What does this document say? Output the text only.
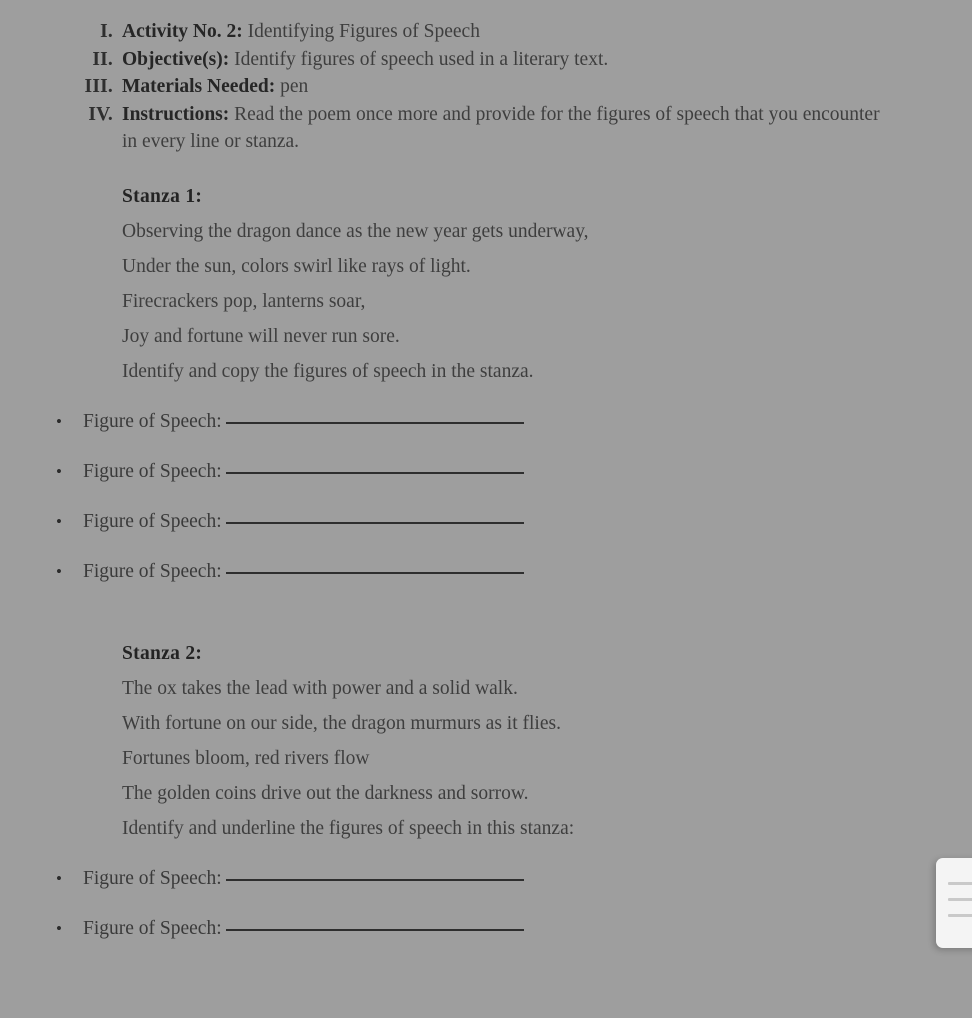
I. Activity No. 2: Identifying Figures of Speech
II. Objective(s): Identify figures of speech used in a literary text.
III. Materials Needed: pen
IV. Instructions: Read the poem once more and provide for the figures of speech that you encounter in every line or stanza.
Stanza 1:
Observing the dragon dance as the new year gets underway,
Under the sun, colors swirl like rays of light.
Firecrackers pop, lanterns soar,
Joy and fortune will never run sore.
Identify and copy the figures of speech in the stanza.
•	Figure of Speech:
•	Figure of Speech:
•	Figure of Speech:
•	Figure of Speech:
Stanza 2:
The ox takes the lead with power and a solid walk.
With fortune on our side, the dragon murmurs as it flies.
Fortunes bloom, red rivers flow
The golden coins drive out the darkness and sorrow.
Identify and underline the figures of speech in this stanza:
•	Figure of Speech:
•	Figure of Speech:
